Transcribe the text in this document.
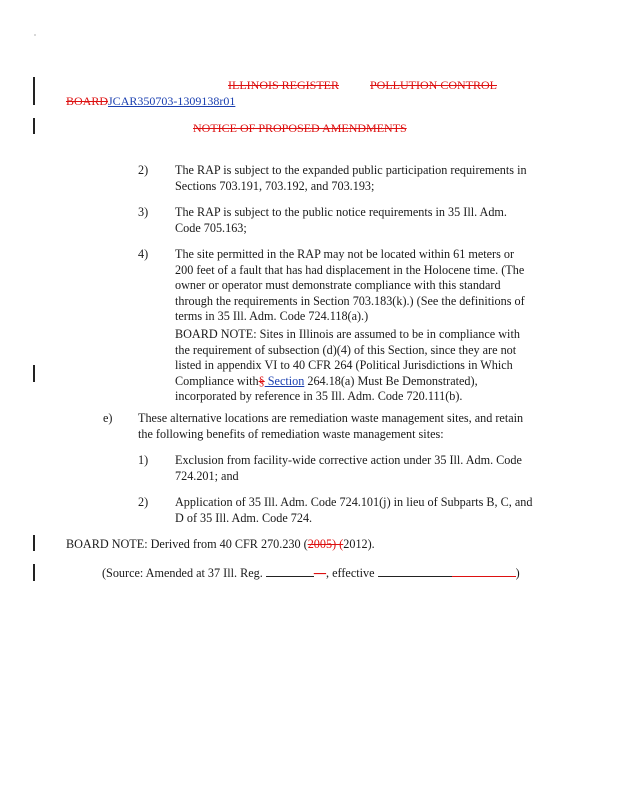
ILLINOIS REGISTER	POLLUTION CONTROL
BOARDJCAR350703-1309138r01
NOTICE OF PROPOSED AMENDMENTS
2) The RAP is subject to the expanded public participation requirements in Sections 703.191, 703.192, and 703.193;
3) The RAP is subject to the public notice requirements in 35 Ill. Adm. Code 705.163;
4) The site permitted in the RAP may not be located within 61 meters or 200 feet of a fault that has had displacement in the Holocene time. (The owner or operator must demonstrate compliance with this standard through the requirements in Section 703.183(k).) (See the definitions of terms in 35 Ill. Adm. Code 724.118(a).)
BOARD NOTE: Sites in Illinois are assumed to be in compliance with the requirement of subsection (d)(4) of this Section, since they are not listed in appendix VI to 40 CFR 264 (Political Jurisdictions in Which Compliance with§ Section 264.18(a) Must Be Demonstrated), incorporated by reference in 35 Ill. Adm. Code 720.111(b).
e) These alternative locations are remediation waste management sites, and retain the following benefits of remediation waste management sites:
1) Exclusion from facility-wide corrective action under 35 Ill. Adm. Code 724.201; and
2) Application of 35 Ill. Adm. Code 724.101(j) in lieu of Subparts B, C, and D of 35 Ill. Adm. Code 724.
BOARD NOTE: Derived from 40 CFR 270.230 (2005) (2012).
(Source: Amended at 37 Ill. Reg.	—, effective	)
